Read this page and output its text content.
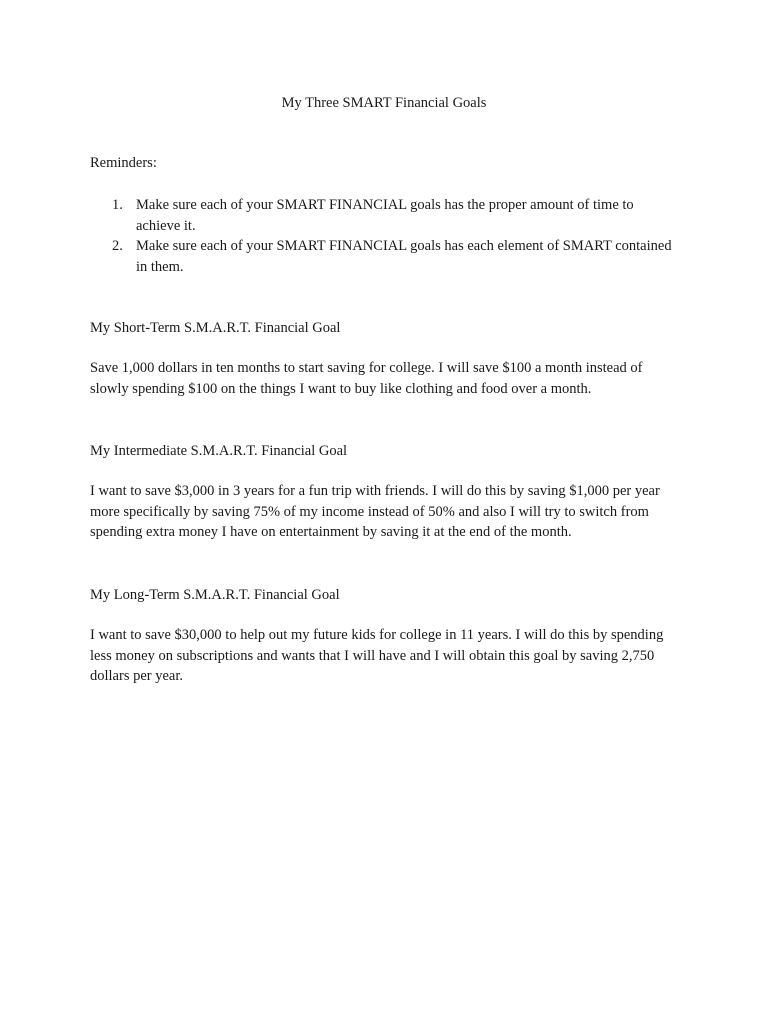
My Three SMART Financial Goals
Reminders:
1. Make sure each of your SMART FINANCIAL goals has the proper amount of time to achieve it.
2. Make sure each of your SMART FINANCIAL goals has each element of SMART contained in them.
My Short-Term S.M.A.R.T. Financial Goal

Save 1,000 dollars in ten months to start saving for college. I will save $100 a month instead of slowly spending $100 on the things I want to buy like clothing and food over a month.

My Intermediate S.M.A.R.T. Financial Goal

I want to save $3,000 in 3 years for a fun trip with friends. I will do this by saving $1,000 per year more specifically by saving 75% of my income instead of 50% and also I will try to switch from spending extra money I have on entertainment by saving it at the end of the month.

My Long-Term S.M.A.R.T. Financial Goal

I want to save $30,000 to help out my future kids for college in 11 years. I will do this by spending less money on subscriptions and wants that I will have and I will obtain this goal by saving 2,750 dollars per year.
